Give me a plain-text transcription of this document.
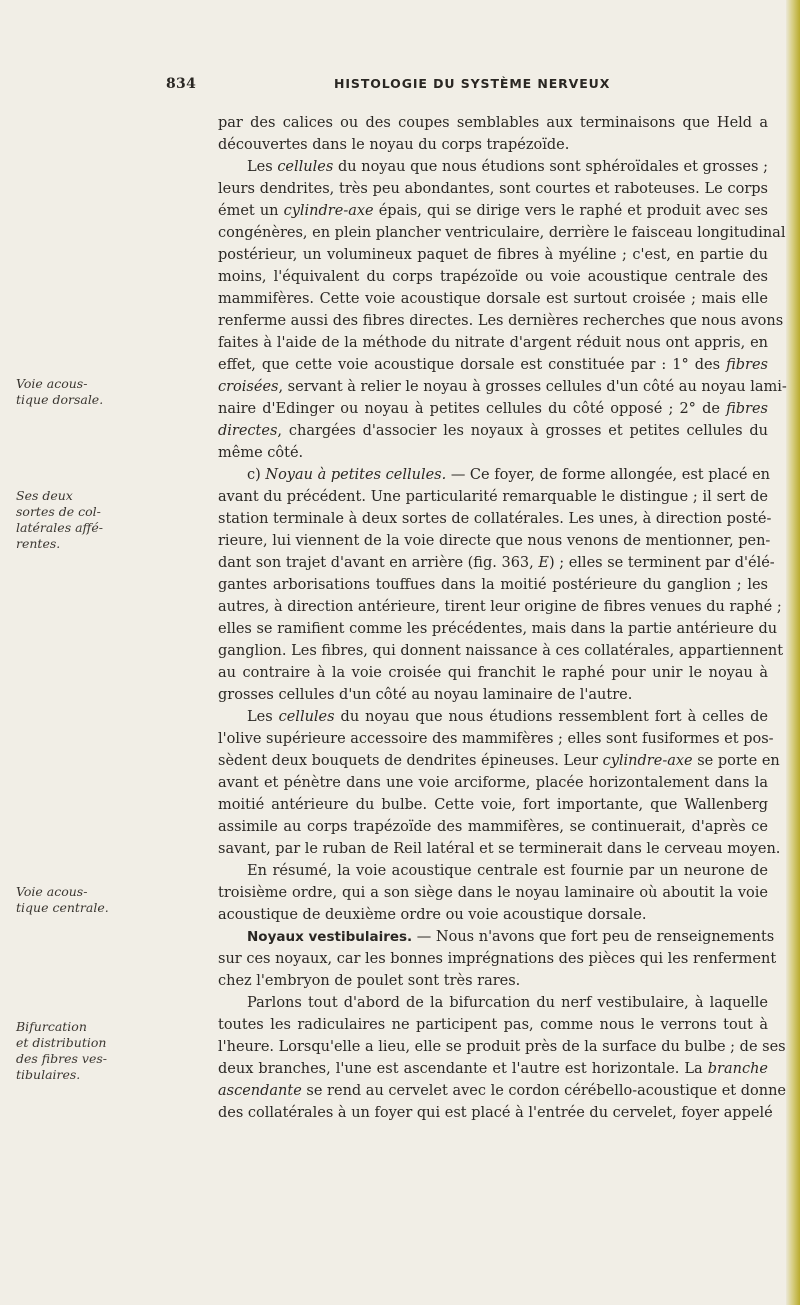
834	HISTOLOGIE DU SYSTÈME NERVEUX
Voie acous-
tique dorsale.
Ses deux
sortes de col-
latérales affé-
rentes.
Voie acous-
tique centrale.
Bifurcation
et distribution
des fibres ves-
tibulaires.
par des calices ou des coupes semblables aux terminaisons que Held a
découvertes dans le noyau du corps trapézoïde.
  Les cellules du noyau que nous étudions sont sphéroïdales et grosses ;
leurs dendrites, très peu abondantes, sont courtes et raboteuses. Le corps
émet un cylindre-axe épais, qui se dirige vers le raphé et produit avec ses
congénères, en plein plancher ventriculaire, derrière le faisceau longitudinal
postérieur, un volumineux paquet de fibres à myéline ; c'est, en partie du
moins, l'équivalent du corps trapézoïde ou voie acoustique centrale des
mammifères. Cette voie acoustique dorsale est surtout croisée ; mais elle
renferme aussi des fibres directes. Les dernières recherches que nous avons
faites à l'aide de la méthode du nitrate d'argent réduit nous ont appris, en
effet, que cette voie acoustique dorsale est constituée par : 1° des fibres
croisées, servant à relier le noyau à grosses cellules d'un côté au noyau lami-
naire d'Edinger ou noyau à petites cellules du côté opposé ; 2° de fibres
directes, chargées d'associer les noyaux à grosses et petites cellules du
même côté.
  c) Noyau à petites cellules. — Ce foyer, de forme allongée, est placé en
avant du précédent. Une particularité remarquable le distingue ; il sert de
station terminale à deux sortes de collatérales. Les unes, à direction posté-
rieure, lui viennent de la voie directe que nous venons de mentionner, pen-
dant son trajet d'avant en arrière (fig. 363, E) ; elles se terminent par d'élé-
gantes arborisations touffues dans la moitié postérieure du ganglion ; les
autres, à direction antérieure, tirent leur origine de fibres venues du raphé ;
elles se ramifient comme les précédentes, mais dans la partie antérieure du
ganglion. Les fibres, qui donnent naissance à ces collatérales, appartiennent
au contraire à la voie croisée qui franchit le raphé pour unir le noyau à
grosses cellules d'un côté au noyau laminaire de l'autre.
  Les cellules du noyau que nous étudions ressemblent fort à celles de
l'olive supérieure accessoire des mammifères ; elles sont fusiformes et pos-
sèdent deux bouquets de dendrites épineuses. Leur cylindre-axe se porte en
avant et pénètre dans une voie arciforme, placée horizontalement dans la
moitié antérieure du bulbe. Cette voie, fort importante, que Wallenberg
assimile au corps trapézoïde des mammifères, se continuerait, d'après ce
savant, par le ruban de Reil latéral et se terminerait dans le cerveau moyen.
  En résumé, la voie acoustique centrale est fournie par un neurone de
troisième ordre, qui a son siège dans le noyau laminaire où aboutit la voie
acoustique de deuxième ordre ou voie acoustique dorsale.
  Noyaux vestibulaires. — Nous n'avons que fort peu de renseignements
sur ces noyaux, car les bonnes imprégnations des pièces qui les renferment
chez l'embryon de poulet sont très rares.
  Parlons tout d'abord de la bifurcation du nerf vestibulaire, à laquelle
toutes les radiculaires ne participent pas, comme nous le verrons tout à
l'heure. Lorsqu'elle a lieu, elle se produit près de la surface du bulbe ; de ses
deux branches, l'une est ascendante et l'autre est horizontale. La branche
ascendante se rend au cervelet avec le cordon cérébello-acoustique et donne
des collatérales à un foyer qui est placé à l'entrée du cervelet, foyer appelé
